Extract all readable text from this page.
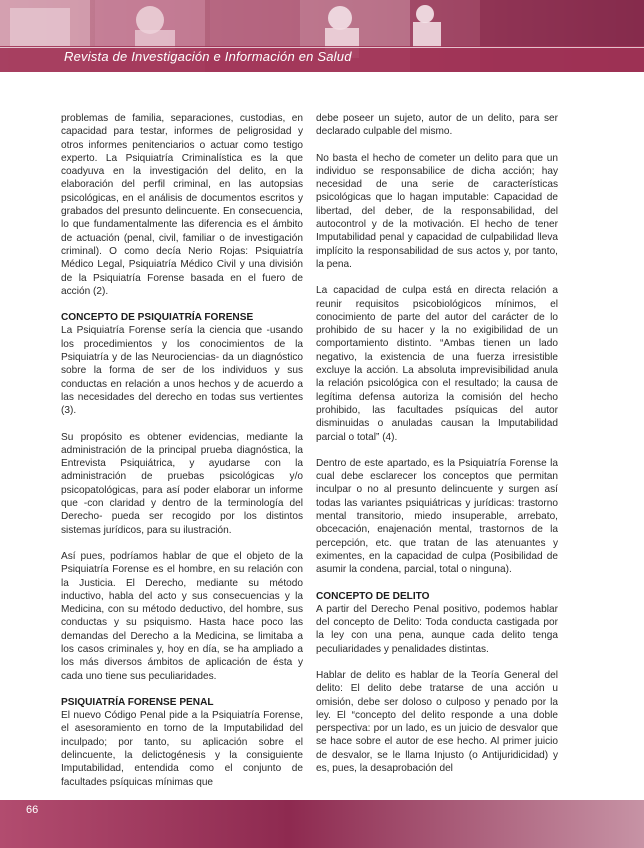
Revista de Investigación e Información en Salud

problemas de familia, separaciones, custodias, en capacidad para testar, informes de peligrosidad y otros informes penitenciarios o actuar como testigo experto. La Psiquiatría Criminalística es la que coadyuva en la investigación del delito, en la elaboración del perfil criminal, en las autopsias psicológicas, en el análisis de documentos escritos y grabados del presunto delincuente. En consecuencia, lo que fundamentalmente las diferencia es el ámbito de actuación (penal, civil, familiar o de investigación criminal). O como decía Nerio Rojas: Psiquiatría Médico Legal, Psiquiatría Médico Civil y una división de la Psiquiatría Forense basada en el fuero de acción (2).

CONCEPTO DE PSIQUIATRÍA FORENSE

La Psiquiatría Forense sería la ciencia que -usando los procedimientos y los conocimientos de la Psiquiatría y de las Neurociencias- da un diagnóstico sobre la forma de ser de los individuos y sus conductas en relación a unos hechos y de acuerdo a las necesidades del derecho en todas sus vertientes (3).

Su propósito es obtener evidencias, mediante la administración de la principal prueba diagnóstica, la Entrevista Psiquiátrica, y ayudarse con la administración de pruebas psicológicas y/o psicopatológicas, para así poder elaborar un informe que -con claridad y dentro de la terminología del Derecho- pueda ser recogido por los distintos sistemas jurídicos, para su ilustración.

Así pues, podríamos hablar de que el objeto de la Psiquiatría Forense es el hombre, en su relación con la Justicia. El Derecho, mediante su método inductivo, habla del acto y sus consecuencias y la Medicina, con su método deductivo, del hombre, sus conductas y su psiquismo. Hasta hace poco las demandas del Derecho a la Medicina, se limitaba a los casos criminales y, hoy en día, se ha ampliado a los más diversos ámbitos de aplicación de ésta y cada uno tiene sus peculiaridades.

PSIQUIATRÍA FORENSE PENAL

El nuevo Código Penal pide a la Psiquiatría Forense, el asesoramiento en torno de la Imputabilidad del inculpado; por tanto, su aplicación sobre el delincuente, la delictogénesis y la consiguiente Imputabilidad, entendida como el conjunto de facultades psíquicas mínimas que

debe poseer un sujeto, autor de un delito, para ser declarado culpable del mismo.

No basta el hecho de cometer un delito para que un individuo se responsabilice de dicha acción; hay necesidad de una serie de características psicológicas que lo hagan imputable: Capacidad de libertad, del deber, de la responsabilidad, del autocontrol y de la motivación. El hecho de tener Imputabilidad penal y capacidad de culpabilidad lleva implícito la responsabilidad de sus actos y, por tanto, la pena.

La capacidad de culpa está en directa relación a reunir requisitos psicobiológicos mínimos, el conocimiento de parte del autor del carácter de lo prohibido de su hacer y la no exigibilidad de un comportamiento distinto. “Ambas tienen un lado negativo, la existencia de una fuerza irresistible excluye la acción. La absoluta imprevisibilidad anula la relación psicológica con el resultado; la causa de legítima defensa autoriza la comisión del hecho prohibido, las facultades psíquicas del autor disminuidas o anuladas causan la Imputabilidad parcial o total” (4).

Dentro de este apartado, es la Psiquiatría Forense la cual debe esclarecer los conceptos que permitan inculpar o no al presunto delincuente y surgen así todas las variantes psiquiátricas y jurídicas: trastorno mental transitorio, miedo insuperable, arrebato, obcecación, enajenación mental, trastornos de la percepción, etc. que tratan de las atenuantes y eximentes, en la capacidad de culpa (Posibilidad de asumir la condena, parcial, total o ninguna).

CONCEPTO DE DELITO

A partir del Derecho Penal positivo, podemos hablar del concepto de Delito: Toda conducta castigada por la ley con una pena, aunque cada delito tenga peculiaridades y penalidades distintas.

Hablar de delito es hablar de la Teoría General del delito: El delito debe tratarse de una acción u omisión, debe ser doloso o culposo y penado por la ley. El “concepto del delito responde a una doble perspectiva: por un lado, es un juicio de desvalor que se hace sobre el autor de ese hecho. Al primer juicio de desvalor, se le llama Injusto (o Antijuridicidad) y es, pues, la desaprobación del

66
